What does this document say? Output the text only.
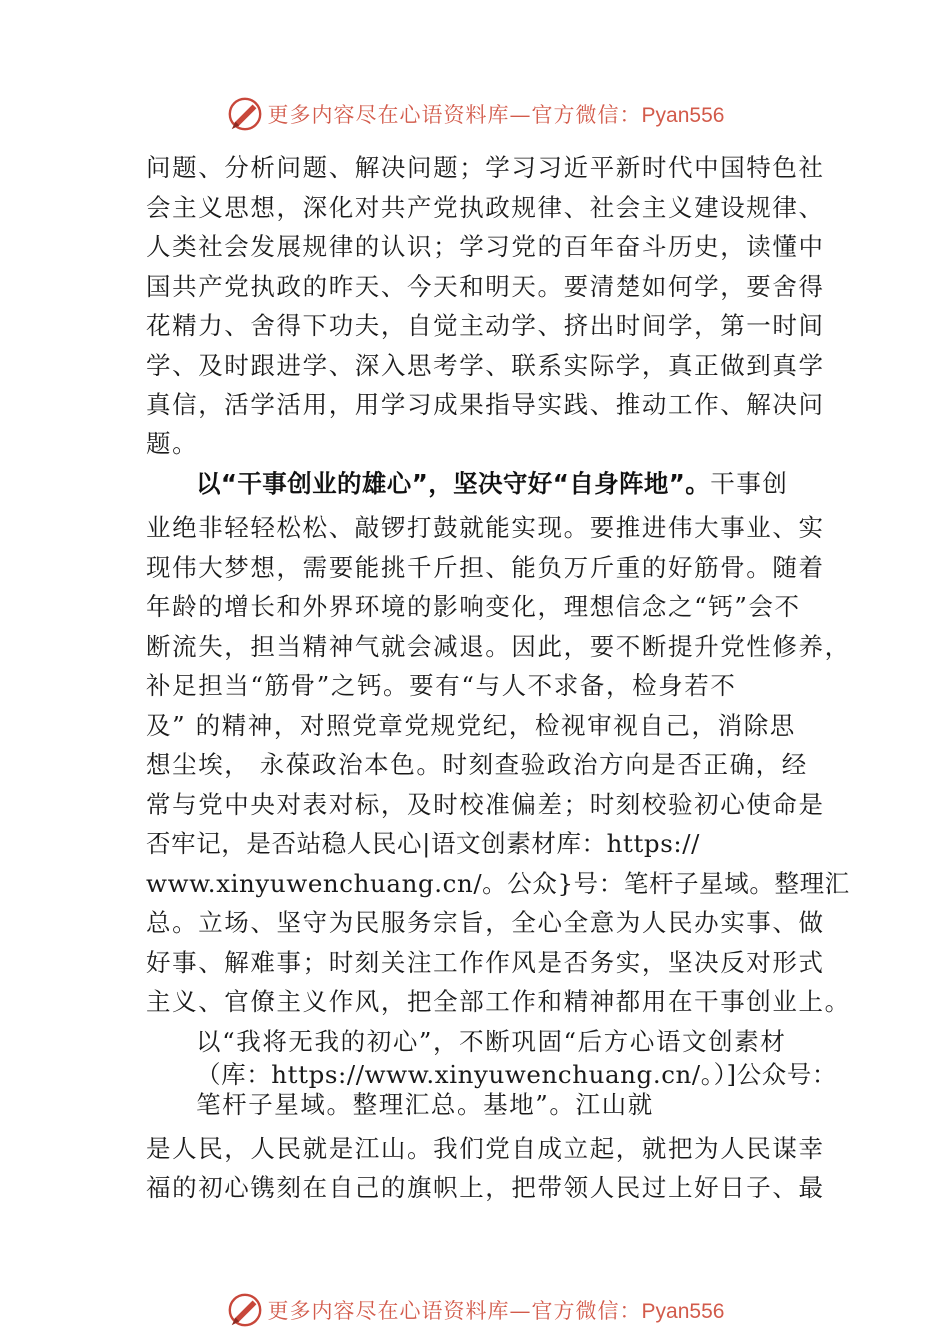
更多内容尽在心语资料库—官方微信：Pyan556
问题、分析问题、解决问题；学习习近平新时代中国特色社
会主义思想，深化对共产党执政规律、社会主义建设规律、
人类社会发展规律的认识；学习党的百年奋斗历史，读懂中
国共产党执政的昨天、今天和明天。要清楚如何学，要舍得
花精力、舍得下功夫，自觉主动学、挤出时间学，第一时间
学、及时跟进学、深入思考学、联系实际学，真正做到真学
真信，活学活用，用学习成果指导实践、推动工作、解决问
题。
以“干事创业的雄心”，坚决守好“自身阵地”。干事创
业绝非轻轻松松、敲锣打鼓就能实现。要推进伟大事业、实
现伟大梦想，需要能挑千斤担、能负万斤重的好筋骨。随着
年龄的增长和外界环境的影响变化，理想信念之“钙”会不
断流失，担当精神气就会减退。因此，要不断提升党性修养，
补足担当“筋骨”之钙。要有“与人不求备，检身若不
及” 的精神，对照党章党规党纪，检视审视自己，消除思
想尘埃， 永葆政治本色。时刻查验政治方向是否正确，经
常与党中央对表对标，及时校准偏差；时刻校验初心使命是
否牢记，是否站稳人民心|语文创素材库：https://
www.xinyuwenchuang.cn/。公众}号：笔杆子星域。整理汇
总。立场、坚守为民服务宗旨，全心全意为人民办实事、做
好事、解难事；时刻关注工作作风是否务实，坚决反对形式
主义、官僚主义作风，把全部工作和精神都用在干事创业上。
以“我将无我的初心”，不断巩固“后方心语文创素材
（库：https://www.xinyuwenchuang.cn/。）]公众号：
笔杆子星域。整理汇总。基地”。江山就
是人民，人民就是江山。我们党自成立起，就把为人民谋幸
福的初心镌刻在自己的旗帜上，把带领人民过上好日子、最
更多内容尽在心语资料库—官方微信：Pyan556
